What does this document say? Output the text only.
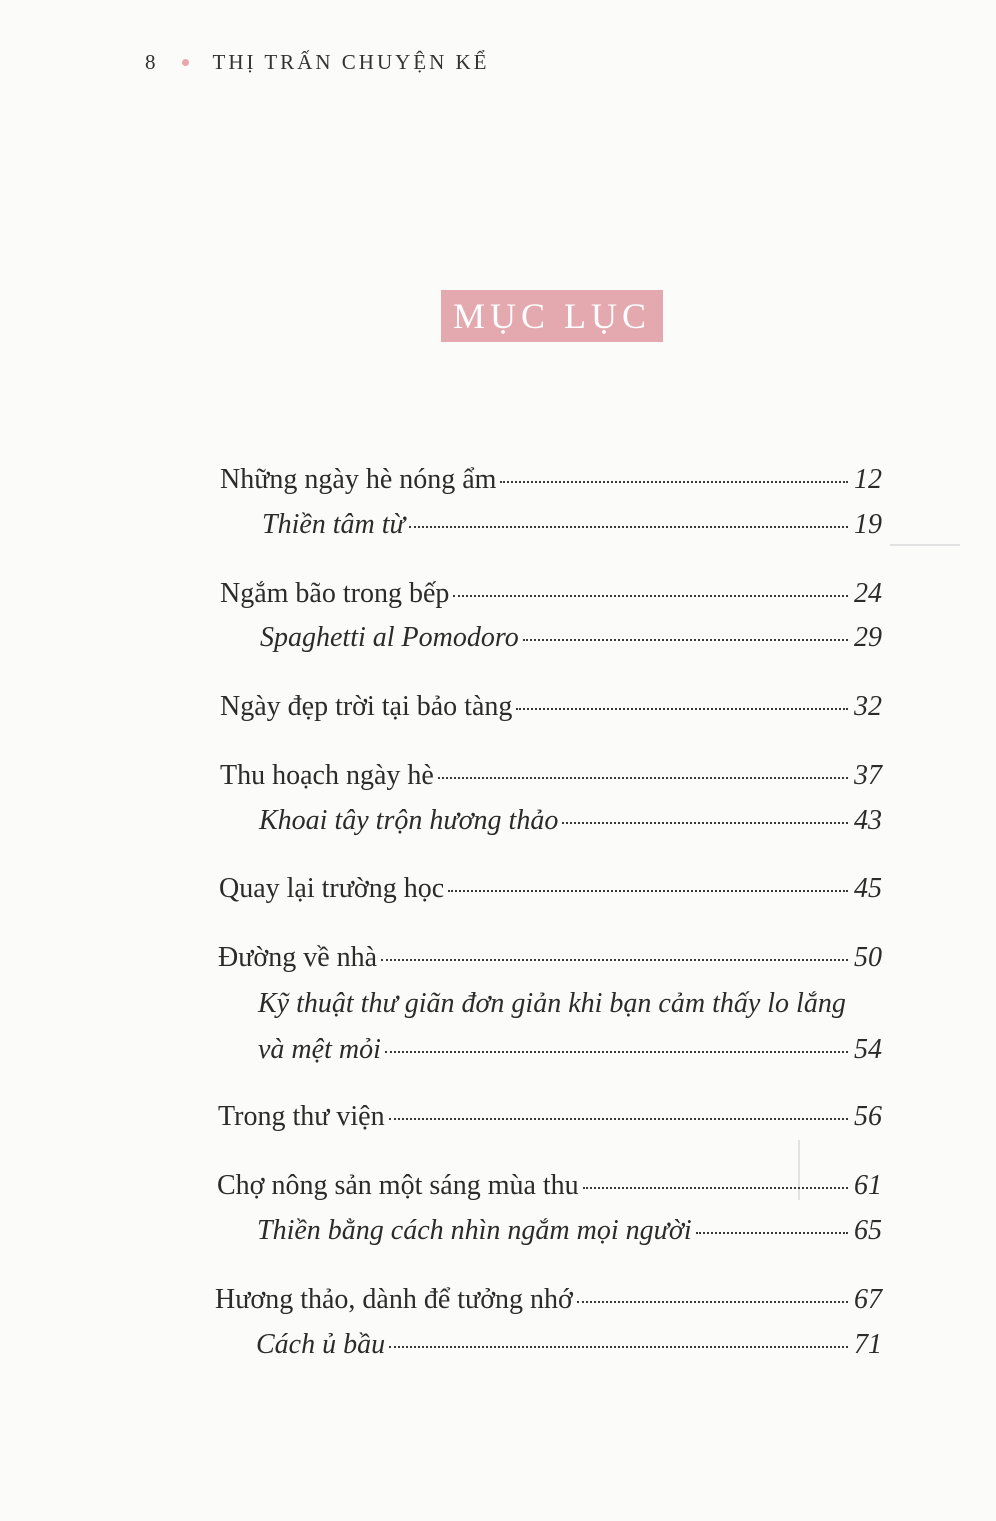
8	THỊ TRẤN CHUYỆN KỂ
MỤC LỤC
Những ngày hè nóng ẩm	12
Thiền tâm từ	19
Ngắm bão trong bếp	24
Spaghetti al Pomodoro	29
Ngày đẹp trời tại bảo tàng	32
Thu hoạch ngày hè	37
Khoai tây trộn hương thảo	43
Quay lại trường học	45
Đường về nhà	50
Kỹ thuật thư giãn đơn giản khi bạn cảm thấy lo lắng
và mệt mỏi	54
Trong thư viện	56
Chợ nông sản một sáng mùa thu	61
Thiền bằng cách nhìn ngắm mọi người	65
Hương thảo, dành để tưởng nhớ	67
Cách ủ bầu	71
